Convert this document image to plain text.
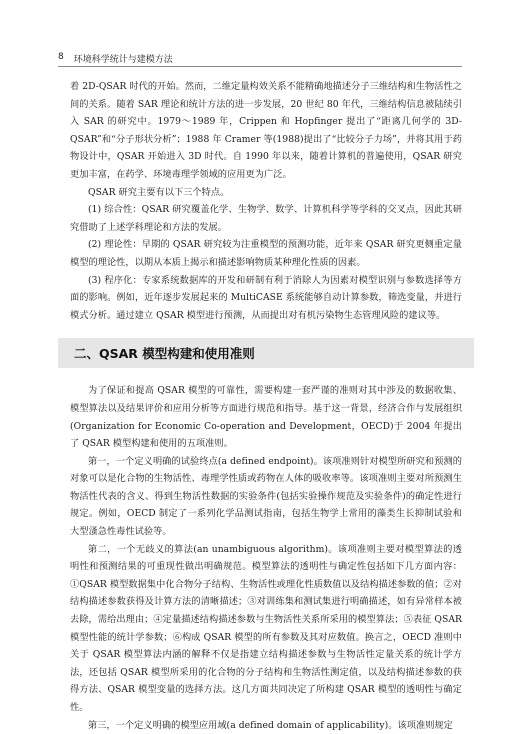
8 环境科学统计与建模方法

着 2D-QSAR 时代的开始。然而，二维定量构效关系不能精确地描述分子三维结构和生物活性之间的关系。随着 SAR 理论和统计方法的进一步发展，20 世纪 80 年代，三维结构信息被陆续引入 SAR 的研究中。1979～1989 年，Crippen 和 Hopfinger 提出了“距离几何学的 3D-QSAR”和“分子形状分析”；1988 年 Cramer 等(1988)提出了“比较分子力场”，并将其用于药物设计中，QSAR 开始进入 3D 时代。自 1990 年以来，随着计算机的普遍使用，QSAR 研究更加丰富，在药学、环境毒理学领域的应用更为广泛。

QSAR 研究主要有以下三个特点。

(1) 综合性：QSAR 研究覆盖化学、生物学、数学、计算机科学等学科的交叉点，因此其研究借助了上述学科理论和方法的发展。

(2) 理论性：早期的 QSAR 研究较为注重模型的预测功能，近年来 QSAR 研究更侧重定量模型的理论性，以期从本质上揭示和描述影响物质某种理化性质的因素。

(3) 程序化：专家系统数据库的开发和研制有利于消除人为因素对模型识别与参数选择等方面的影响。例如，近年逐步发展起来的 MultiCASE 系统能够自动计算参数，筛选变量，并进行模式分析。通过建立 QSAR 模型进行预测，从而提出对有机污染物生态管理风险的建议等。

二、QSAR 模型构建和使用准则

为了保证和提高 QSAR 模型的可靠性，需要构建一套严谨的准则对其中涉及的数据收集、模型算法以及结果评价和应用分析等方面进行规范和指导。基于这一背景，经济合作与发展组织(Organization for Economic Co-operation and Development，OECD)于 2004 年提出了 QSAR 模型构建和使用的五项准则。

第一，一个定义明确的试验终点(a defined endpoint)。该项准则针对模型所研究和预测的对象可以是化合物的生物活性、毒理学性质或药物在人体的吸收率等。该项准则主要对所预测生物活性代表的含义、得到生物活性数据的实验条件(包括实验操作规范及实验条件)的确定性进行规定。例如，OECD 制定了一系列化学品测试指南，包括生物学上常用的藻类生长抑制试验和大型溞急性毒性试验等。

第二，一个无歧义的算法(an unambiguous algorithm)。该项准则主要对模型算法的透明性和预测结果的可重现性做出明确规范。模型算法的透明性与确定性包括如下几方面内容：①QSAR 模型数据集中化合物分子结构、生物活性或理化性质数值以及结构描述参数的值；②对结构描述参数获得及计算方法的清晰描述；③对训练集和测试集进行明确描述，如有异常样本被去除，需给出理由；④定量描述结构描述参数与生物活性关系所采用的模型算法；⑤表征 QSAR 模型性能的统计学参数；⑥构成 QSAR 模型的所有参数及其对应数值。换言之，OECD 准则中关于 QSAR 模型算法内涵的解释不仅是指建立结构描述参数与生物活性定量关系的统计学方法，还包括 QSAR 模型所采用的化合物的分子结构和生物活性测定值，以及结构描述参数的获得方法、QSAR 模型变量的选择方法。这几方面共同决定了所构建 QSAR 模型的透明性与确定性。

第三，一个定义明确的模型应用域(a defined domain of applicability)。该项准则规定
